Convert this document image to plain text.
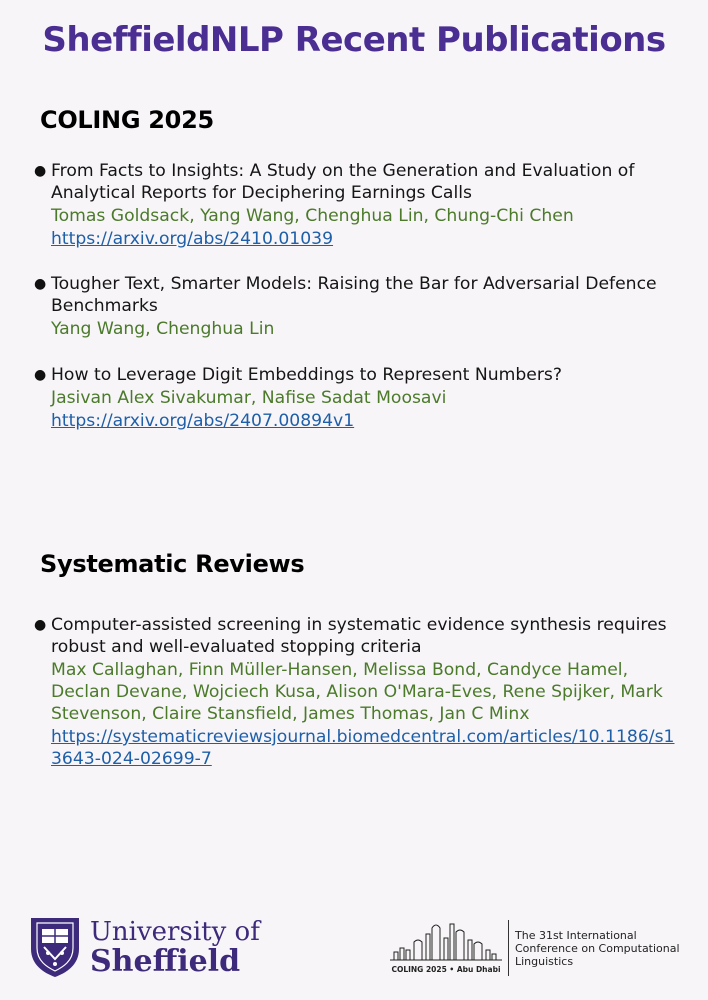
SheffieldNLP Recent Publications
COLING 2025
● From Facts to Insights: A Study on the Generation and Evaluation of Analytical Reports for Deciphering Earnings Calls
Tomas Goldsack, Yang Wang, Chenghua Lin, Chung-Chi Chen
https://arxiv.org/abs/2410.01039
● Tougher Text, Smarter Models: Raising the Bar for Adversarial Defence Benchmarks
Yang Wang, Chenghua Lin
● How to Leverage Digit Embeddings to Represent Numbers?
Jasivan Alex Sivakumar, Nafise Sadat Moosavi
https://arxiv.org/abs/2407.00894v1
Systematic Reviews
● Computer-assisted screening in systematic evidence synthesis requires robust and well-evaluated stopping criteria
Max Callaghan, Finn Müller-Hansen, Melissa Bond, Candyce Hamel, Declan Devane, Wojciech Kusa, Alison O'Mara-Eves, Rene Spijker, Mark Stevenson, Claire Stansfield, James Thomas, Jan C Minx
https://systematicreviewsjournal.biomedcentral.com/articles/10.1186/s13643-024-02699-7
University of
Sheffield	COLING 2025 • Abu Dhabi
The 31st International Conference on Computational Linguistics
